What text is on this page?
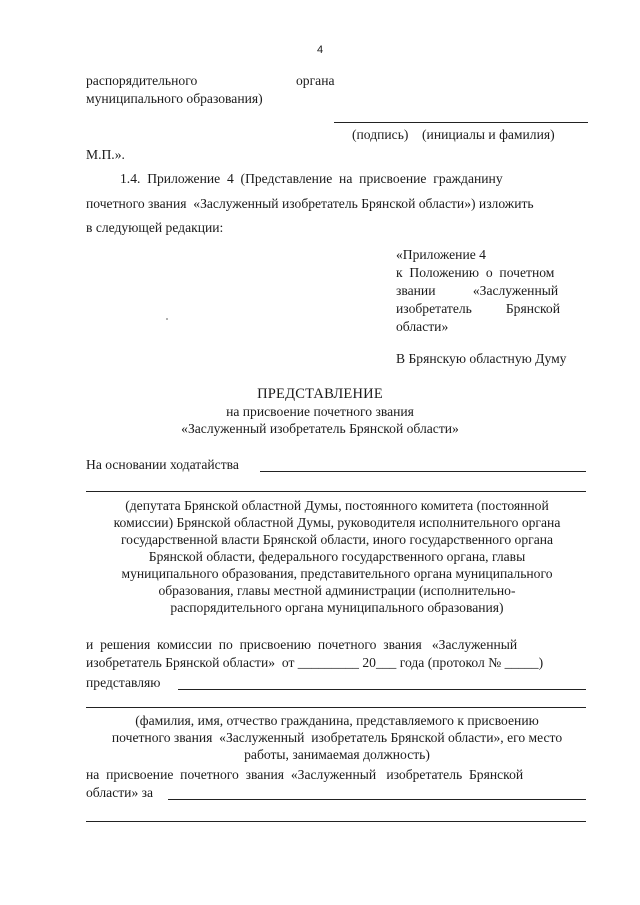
4
распорядительного	органа
муниципального образования)
(подпись)    (инициалы и фамилия)
М.П.».
1.4.  Приложение  4  (Представление  на  присвоение  гражданину
почетного звания  «Заслуженный изобретатель Брянской области») изложить
в следующей редакции:
«Приложение 4
к  Положению  о  почетном
звании           «Заслуженный
изобретатель          Брянской
области»
В Брянскую областную Думу
ПРЕДСТАВЛЕНИЕ
на присвоение почетного звания
«Заслуженный изобретатель Брянской области»
На основании ходатайства
(депутата Брянской областной Думы, постоянного комитета (постоянной
комиссии) Брянской областной Думы, руководителя исполнительного органа
государственной власти Брянской области, иного государственного органа
Брянской области, федерального государственного органа, главы
муниципального образования, представительного органа муниципального
образования, главы местной администрации (исполнительно-
распорядительного органа муниципального образования)
и  решения  комиссии  по  присвоению  почетного  звания   «Заслуженный
изобретатель Брянской области»  от _________ 20___ года (протокол № _____)
представляю
(фамилия, имя, отчество гражданина, представляемого к присвоению
почетного звания  «Заслуженный  изобретатель Брянской области», его место
работы, занимаемая должность)
на  присвоение  почетного  звания  «Заслуженный   изобретатель  Брянской
области» за
